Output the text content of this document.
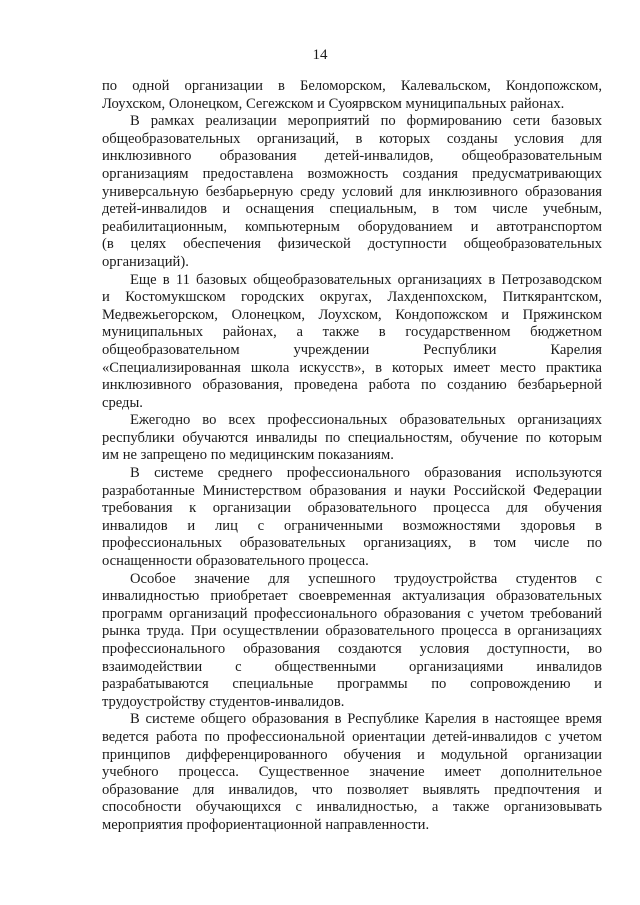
14
по одной организации в Беломорском, Калевальском, Кондопожском,
Лоухском, Олонецком, Сегежском и Суоярвском муниципальных районах.
В рамках реализации мероприятий по формированию сети базовых
общеобразовательных организаций, в которых созданы условия для
инклюзивного образования детей-инвалидов, общеобразовательным
организациям предоставлена возможность создания предусматривающих
универсальную безбарьерную среду условий для инклюзивного образования
детей-инвалидов и оснащения специальным, в том числе учебным,
реабилитационным, компьютерным оборудованием и автотранспортом
(в целях обеспечения физической доступности общеобразовательных
организаций).
Еще в 11 базовых общеобразовательных организациях в Петрозаводском
и Костомукшском городских округах, Лахденпохском, Питкярантском,
Медвежьегорском, Олонецком, Лоухском, Кондопожском и Пряжинском
муниципальных районах, а также в государственном бюджетном
общеобразовательном учреждении Республики Карелия
«Специализированная школа искусств», в которых имеет место практика
инклюзивного образования, проведена работа по созданию безбарьерной
среды.
Ежегодно во всех профессиональных образовательных организациях
республики обучаются инвалиды по специальностям, обучение по которым
им не запрещено по медицинским показаниям.
В системе среднего профессионального образования используются
разработанные Министерством образования и науки Российской Федерации
требования к организации образовательного процесса для обучения
инвалидов и лиц с ограниченными возможностями здоровья в
профессиональных образовательных организациях, в том числе по
оснащенности образовательного процесса.
Особое значение для успешного трудоустройства студентов с
инвалидностью приобретает своевременная актуализация образовательных
программ организаций профессионального образования с учетом требований
рынка труда. При осуществлении образовательного процесса в организациях
профессионального образования создаются условия доступности, во
взаимодействии с общественными организациями инвалидов
разрабатываются специальные программы по сопровождению и
трудоустройству студентов-инвалидов.
В системе общего образования в Республике Карелия в настоящее время
ведется работа по профессиональной ориентации детей-инвалидов с учетом
принципов дифференцированного обучения и модульной организации
учебного процесса. Существенное значение имеет дополнительное
образование для инвалидов, что позволяет выявлять предпочтения и
способности обучающихся с инвалидностью, а также организовывать
мероприятия профориентационной направленности.
